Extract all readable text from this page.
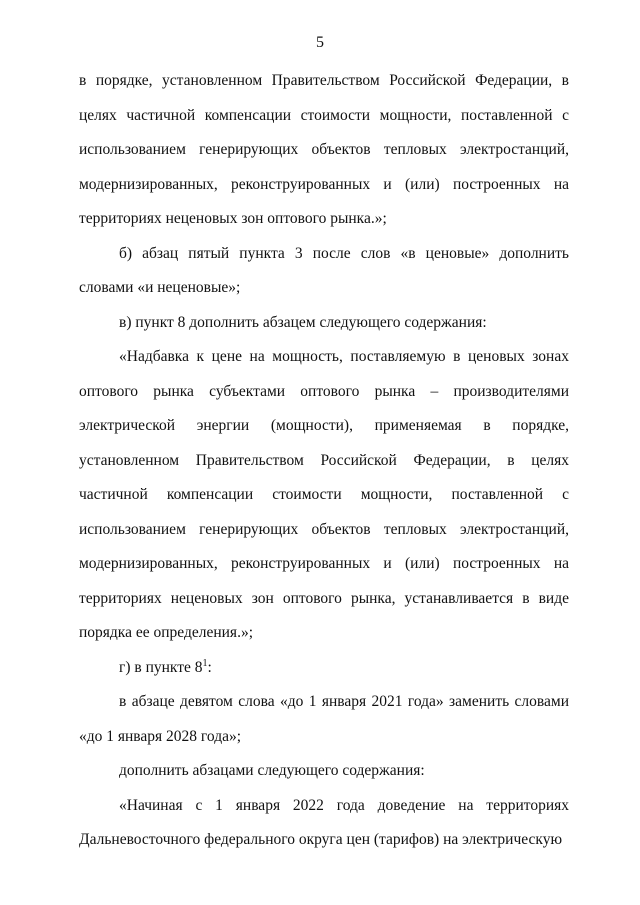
5

в порядке, установленном Правительством Российской Федерации, в целях частичной компенсации стоимости мощности, поставленной с использованием генерирующих объектов тепловых электростанций, модернизированных, реконструированных и (или) построенных на территориях неценовых зон оптового рынка.»;

б) абзац пятый пункта 3 после слов «в ценовые» дополнить словами «и неценовые»;

в) пункт 8 дополнить абзацем следующего содержания:

«Надбавка к цене на мощность, поставляемую в ценовых зонах оптового рынка субъектами оптового рынка – производителями электрической энергии (мощности), применяемая в порядке, установленном Правительством Российской Федерации, в целях частичной компенсации стоимости мощности, поставленной с использованием генерирующих объектов тепловых электростанций, модернизированных, реконструированных и (или) построенных на территориях неценовых зон оптового рынка, устанавливается в виде порядка ее определения.»;

г) в пункте $8^1$:

в абзаце девятом слова «до 1 января 2021 года» заменить словами «до 1 января 2028 года»;

дополнить абзацами следующего содержания:

«Начиная с 1 января 2022 года доведение на территориях Дальневосточного федерального округа цен (тарифов) на электрическую
